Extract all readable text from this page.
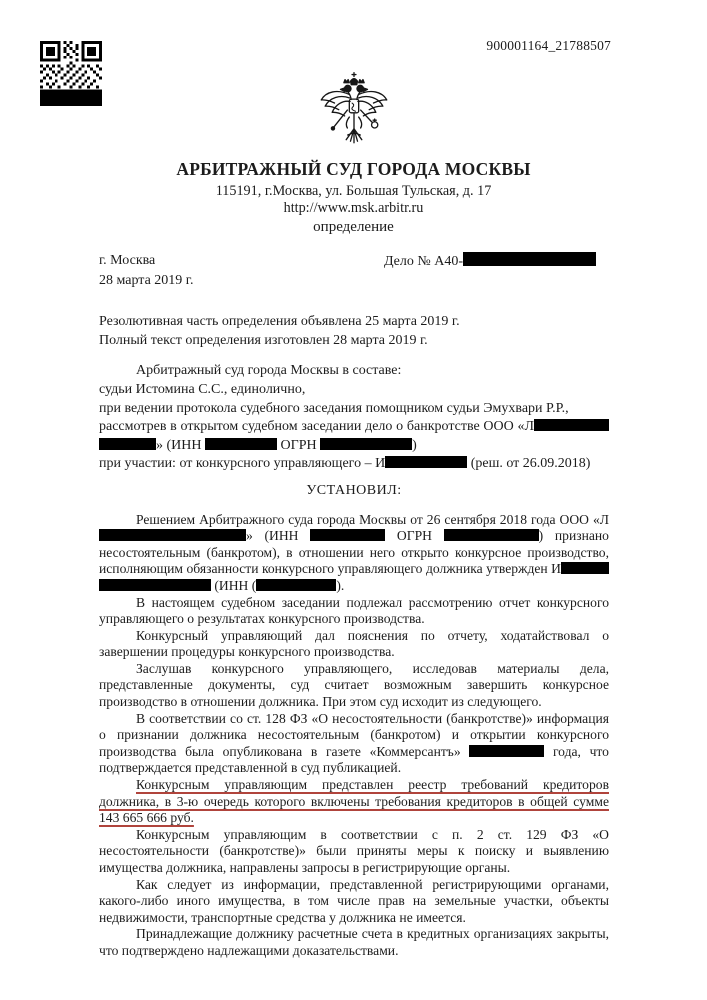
900001164_21788507
АРБИТРАЖНЫЙ СУД ГОРОДА МОСКВЫ
115191, г.Москва, ул. Большая Тульская, д. 17
http://www.msk.arbitr.ru
определение
г. Москва	Дело № А40-
28 марта 2019 г.
Резолютивная часть определения объявлена 25 марта 2019 г.
Полный текст определения изготовлен 28 марта 2019 г.
Арбитражный суд города Москвы в составе:
судьи Истомина С.С., единолично,
при ведении протокола судебного заседания помощником судьи Эмухвари Р.Р.,
рассмотрев в открытом судебном заседании дело о банкротстве ООО «Л
» (ИНН	ОГРН	)
при участии: от конкурсного управляющего – И	(реш. от 26.09.2018)
УСТАНОВИЛ:

Решением Арбитражного суда города Москвы от 26 сентября 2018 года ООО «Л» (ИНН	ОГРН	) признано несостоятельным (банкротом), в отношении него открыто конкурсное производство, исполняющим обязанности конкурсного управляющего должника утвержден И  (ИНН (	).

В настоящем судебном заседании подлежал рассмотрению отчет конкурсного управляющего о результатах конкурсного производства.

Конкурсный управляющий дал пояснения по отчету, ходатайствовал о завершении процедуры конкурсного производства.

Заслушав конкурсного управляющего, исследовав материалы дела, представленные документы, суд считает возможным завершить конкурсное производство в отношении должника. При этом суд исходит из следующего.

В соответствии со ст. 128 ФЗ «О несостоятельности (банкротстве)» информация о признании должника несостоятельным (банкротом) и открытии конкурсного производства была опубликована в газете «Коммерсантъ»	года, что подтверждается представленной в суд публикацией.

Конкурсным управляющим представлен реестр требований кредиторов должника, в 3-ю очередь которого включены требования кредиторов в общей сумме 143 665 666 руб.

Конкурсным управляющим в соответствии с п. 2 ст. 129 ФЗ «О несостоятельности (банкротстве)» были приняты меры к поиску и выявлению имущества должника, направлены запросы в регистрирующие органы.

Как следует из информации, представленной регистрирующими органами, какого-либо иного имущества, в том числе прав на земельные участки, объекты недвижимости, транспортные средства у должника не имеется.

Принадлежащие должнику расчетные счета в кредитных организациях закрыты, что подтверждено надлежащими доказательствами.
